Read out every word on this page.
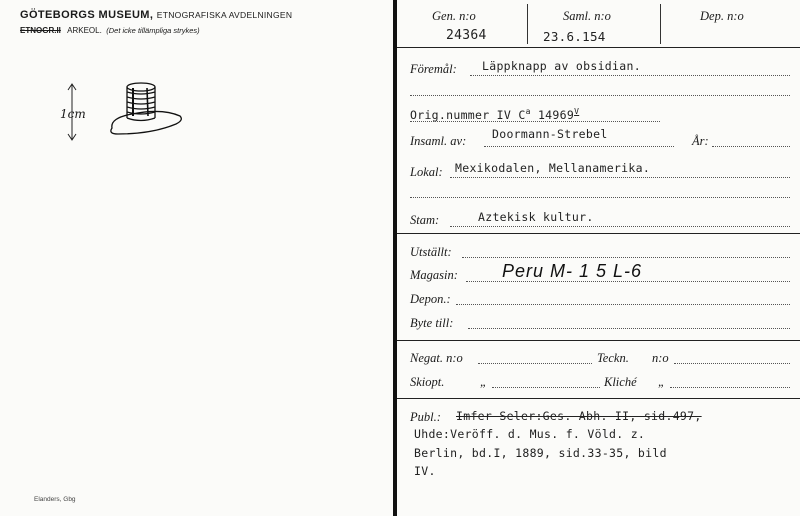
GÖTEBORGS MUSEUM, ETNOGRAFISKA AVDELNINGEN
ETNOGR.II ARKEOL. (Det icke tillämpliga strykes)
1cm
Elanders, Gbg
Gen. n:o
24364
Saml. n:o
23.6.154
Dep. n:o
Föremål: Läppknapp av obsidian.
Orig.nummer IV $C^a$ $14969^V$
Insaml. av: Doormann-Strebel	År:
Lokal: Mexikodalen, Mellanamerika.
Stam:	Aztekisk kultur.
Utställt:
Magasin: Peru M- 1 5 L-6
Depon.:
Byte till:
Negat. n:o	Teckn. n:o
Skiopt.	„	Kliché „
Publ.: Imfer Seler:Ges. Abh. II, sid.497,
Uhde:Veröff. d. Mus. f. Völd. z.
Berlin, bd.I, 1889, sid.33-35, bild
IV.
